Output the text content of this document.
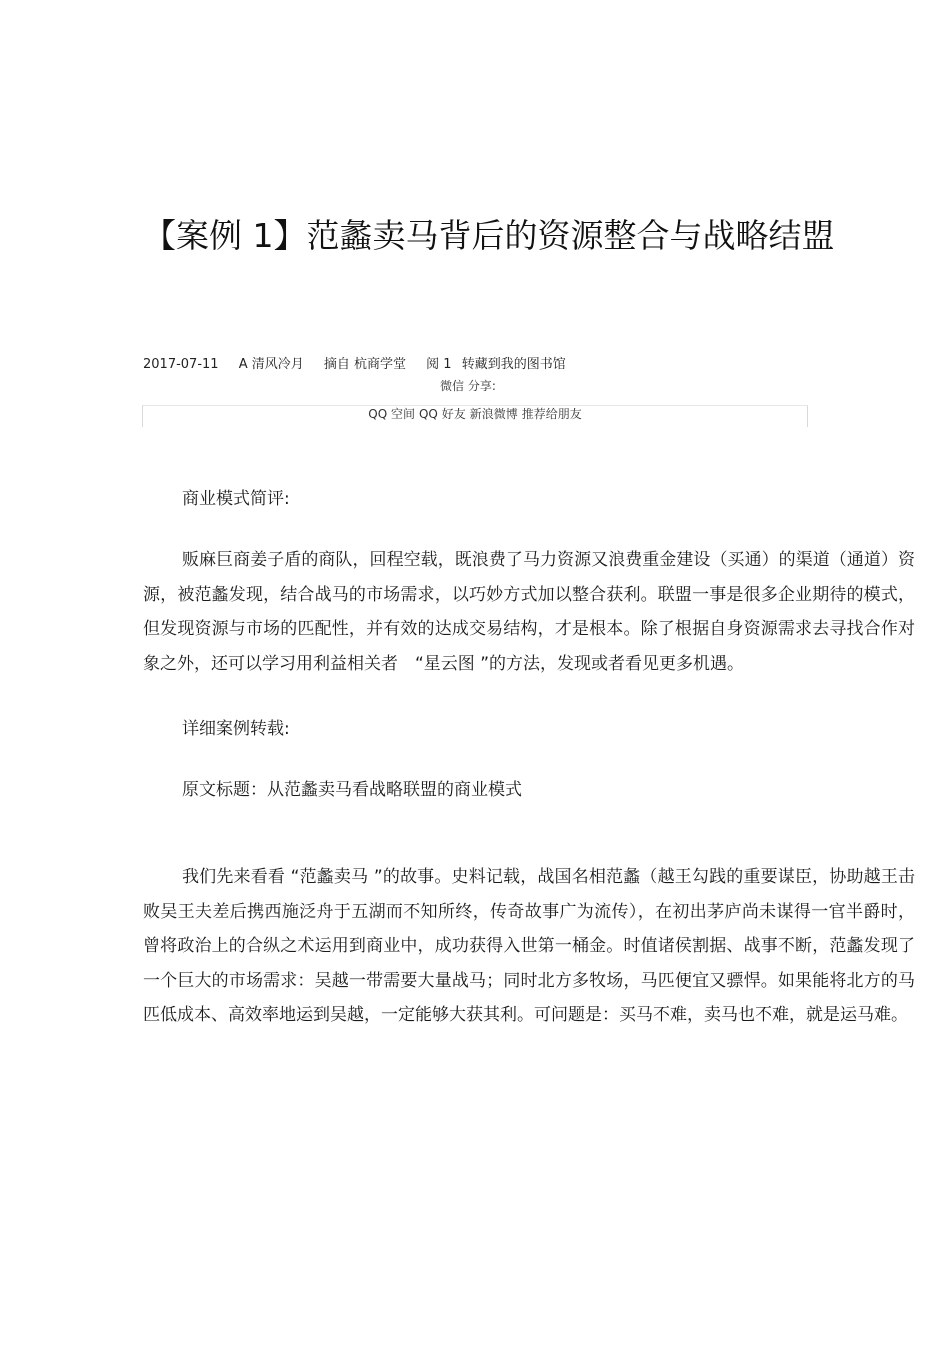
【案例 1】范蠡卖马背后的资源整合与战略结盟
2017-07-11 A 清风冷月 摘自 杭商学堂 阅 1 转藏到我的图书馆
微信 分享:
QQ 空间 QQ 好友 新浪微博 推荐给朋友

商业模式简评:

贩麻巨商姜子盾的商队，回程空载，既浪费了马力资源又浪费重金建设（买通）的渠道（通道）资源，被范蠡发现，结合战马的市场需求，以巧妙方式加以整合获利。联盟一事是很多企业期待的模式，但发现资源与市场的匹配性，并有效的达成交易结构，才是根本。除了根据自身资源需求去寻找合作对象之外，还可以学习用利益相关者　“星云图 ”的方法，发现或者看见更多机遇。

详细案例转载:

原文标题：从范蠡卖马看战略联盟的商业模式

我们先来看看 “范蠡卖马 ”的故事。史料记载，战国名相范蠡（越王勾践的重要谋臣，协助越王击败吴王夫差后携西施泛舟于五湖而不知所终，传奇故事广为流传），在初出茅庐尚未谋得一官半爵时，曾将政治上的合纵之术运用到商业中，成功获得入世第一桶金。时值诸侯割据、战事不断，范蠡发现了一个巨大的市场需求：吴越一带需要大量战马；同时北方多牧场，马匹便宜又骠悍。如果能将北方的马匹低成本、高效率地运到吴越，一定能够大获其利。可问题是：买马不难，卖马也不难，就是运马难。
